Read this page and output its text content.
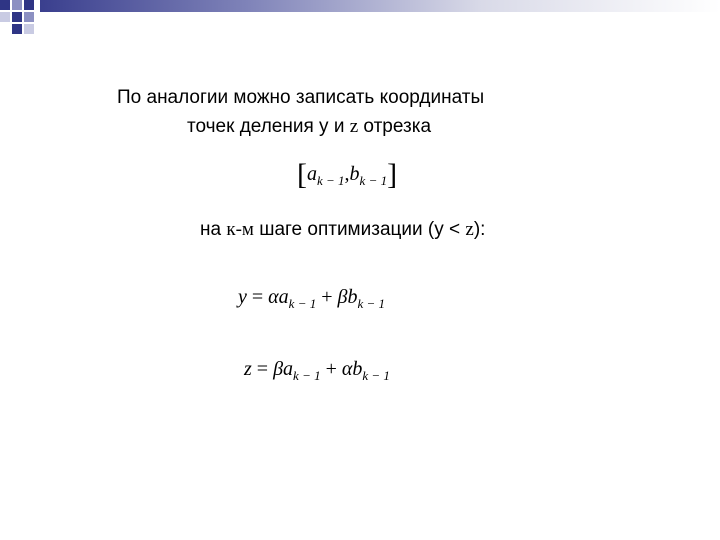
По аналогии можно записать координаты
точек деления y и z отрезка
$[a_{k - 1},b_{k - 1}]$
на к-м шаге оптимизации (y < z):
$y = \alpha a_{k - 1} + \beta b_{k - 1}$
$z = \beta a_{k - 1} + \alpha b_{k - 1}$
